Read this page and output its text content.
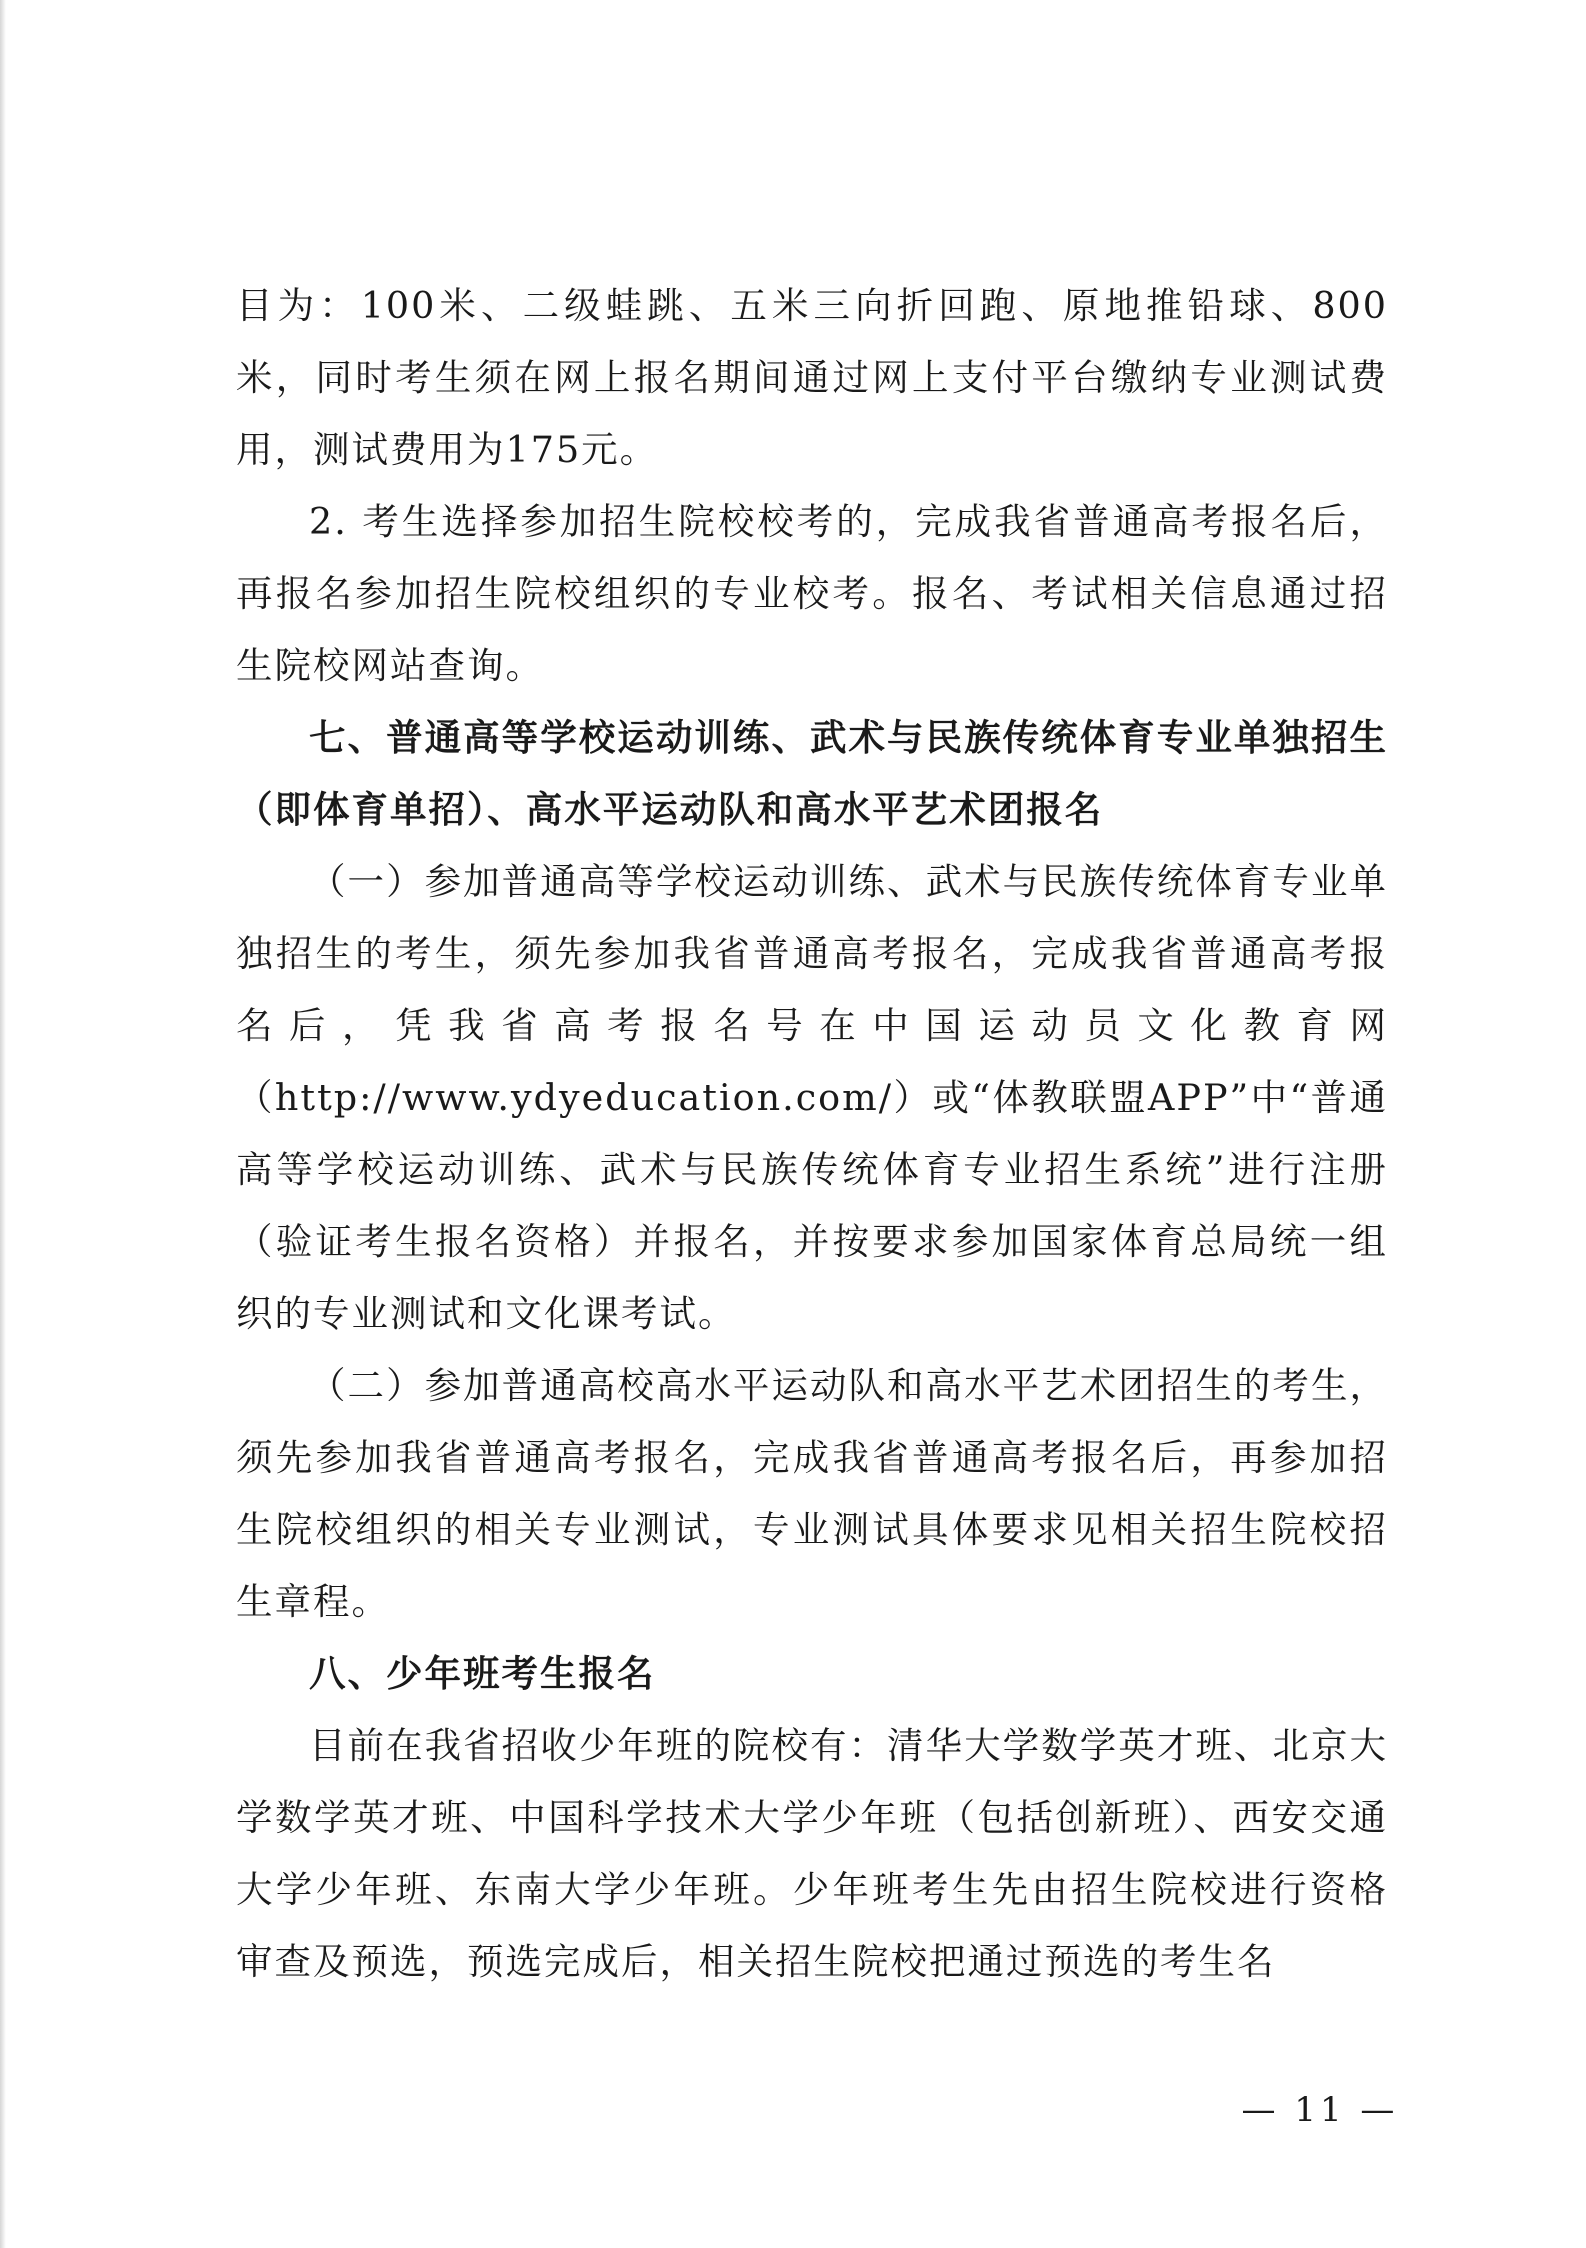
目为：100米、二级蛙跳、五米三向折回跑、原地推铅球、800米，同时考生须在网上报名期间通过网上支付平台缴纳专业测试费用，测试费用为175元。

2. 考生选择参加招生院校校考的，完成我省普通高考报名后，再报名参加招生院校组织的专业校考。报名、考试相关信息通过招生院校网站查询。

七、普通高等学校运动训练、武术与民族传统体育专业单独招生（即体育单招）、高水平运动队和高水平艺术团报名

（一）参加普通高等学校运动训练、武术与民族传统体育专业单独招生的考生，须先参加我省普通高考报名，完成我省普通高考报名后，凭我省高考报名号在中国运动员文化教育网（http://www.ydyeducation.com/）或“体教联盟APP”中“普通高等学校运动训练、武术与民族传统体育专业招生系统”进行注册（验证考生报名资格）并报名，并按要求参加国家体育总局统一组织的专业测试和文化课考试。

（二）参加普通高校高水平运动队和高水平艺术团招生的考生，须先参加我省普通高考报名，完成我省普通高考报名后，再参加招生院校组织的相关专业测试，专业测试具体要求见相关招生院校招生章程。

八、少年班考生报名

目前在我省招收少年班的院校有：清华大学数学英才班、北京大学数学英才班、中国科学技术大学少年班（包括创新班）、西安交通大学少年班、东南大学少年班。少年班考生先由招生院校进行资格审查及预选，预选完成后，相关招生院校把通过预选的考生名

— 11 —
